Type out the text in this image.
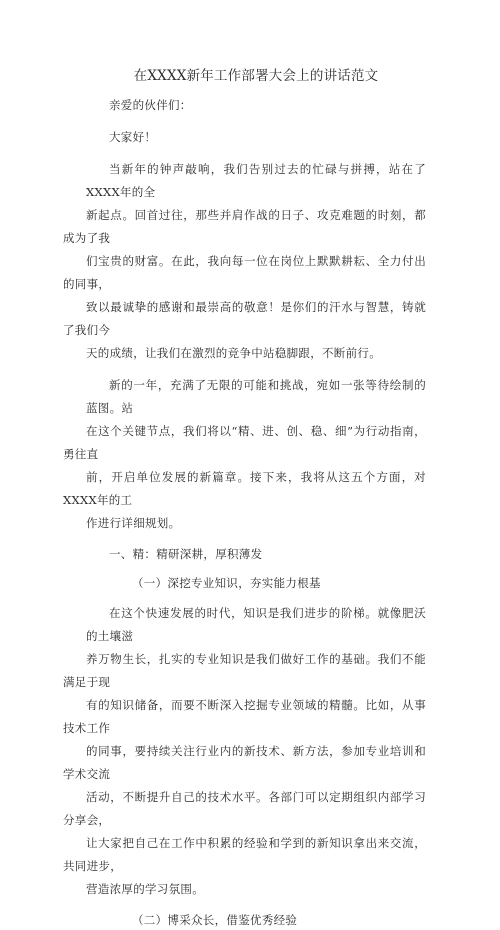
在XXXX新年工作部署大会上的讲话范文
亲爱的伙伴们：
大家好！
当新年的钟声敲响，我们告别过去的忙碌与拼搏，站在了XXXX年的全
新起点。回首过往，那些并肩作战的日子、攻克难题的时刻，都成为了我
们宝贵的财富。在此，我向每一位在岗位上默默耕耘、全力付出的同事，
致以最诚挚的感谢和最崇高的敬意！是你们的汗水与智慧，铸就了我们今
天的成绩，让我们在激烈的竞争中站稳脚跟，不断前行。
新的一年，充满了无限的可能和挑战，宛如一张等待绘制的蓝图。站
在这个关键节点，我们将以“精、进、创、稳、细”为行动指南，勇往直
前，开启单位发展的新篇章。接下来，我将从这五个方面，对XXXX年的工
作进行详细规划。
一、精：精研深耕，厚积薄发
（一）深挖专业知识，夯实能力根基
在这个快速发展的时代，知识是我们进步的阶梯。就像肥沃的土壤滋
养万物生长，扎实的专业知识是我们做好工作的基础。我们不能满足于现
有的知识储备，而要不断深入挖掘专业领域的精髓。比如，从事技术工作
的同事，要持续关注行业内的新技术、新方法，参加专业培训和学术交流
活动，不断提升自己的技术水平。各部门可以定期组织内部学习分享会，
让大家把自己在工作中积累的经验和学到的新知识拿出来交流，共同进步，
营造浓厚的学习氛围。
（二）博采众长，借鉴优秀经验
